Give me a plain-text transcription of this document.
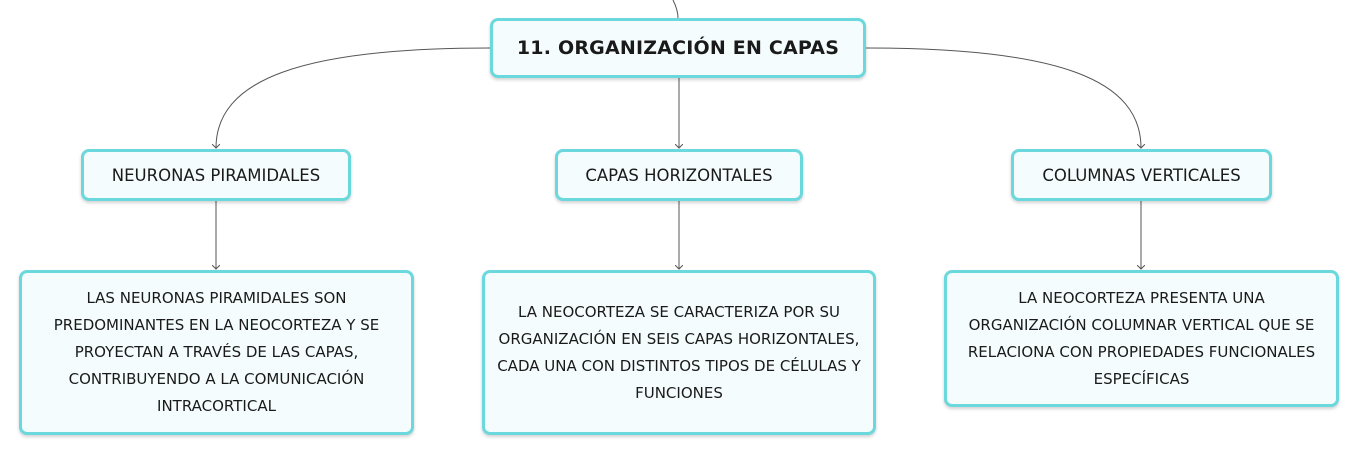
11. ORGANIZACIÓN EN CAPAS
NEURONAS PIRAMIDALES	CAPAS HORIZONTALES	COLUMNAS VERTICALES
LAS NEURONAS PIRAMIDALES SON PREDOMINANTES EN LA NEOCORTEZA Y SE PROYECTAN A TRAVÉS DE LAS CAPAS, CONTRIBUYENDO A LA COMUNICACIÓN INTRACORTICAL
LA NEOCORTEZA SE CARACTERIZA POR SU ORGANIZACIÓN EN SEIS CAPAS HORIZONTALES, CADA UNA CON DISTINTOS TIPOS DE CÉLULAS Y FUNCIONES
LA NEOCORTEZA PRESENTA UNA ORGANIZACIÓN COLUMNAR VERTICAL QUE SE RELACIONA CON PROPIEDADES FUNCIONALES ESPECÍFICAS
